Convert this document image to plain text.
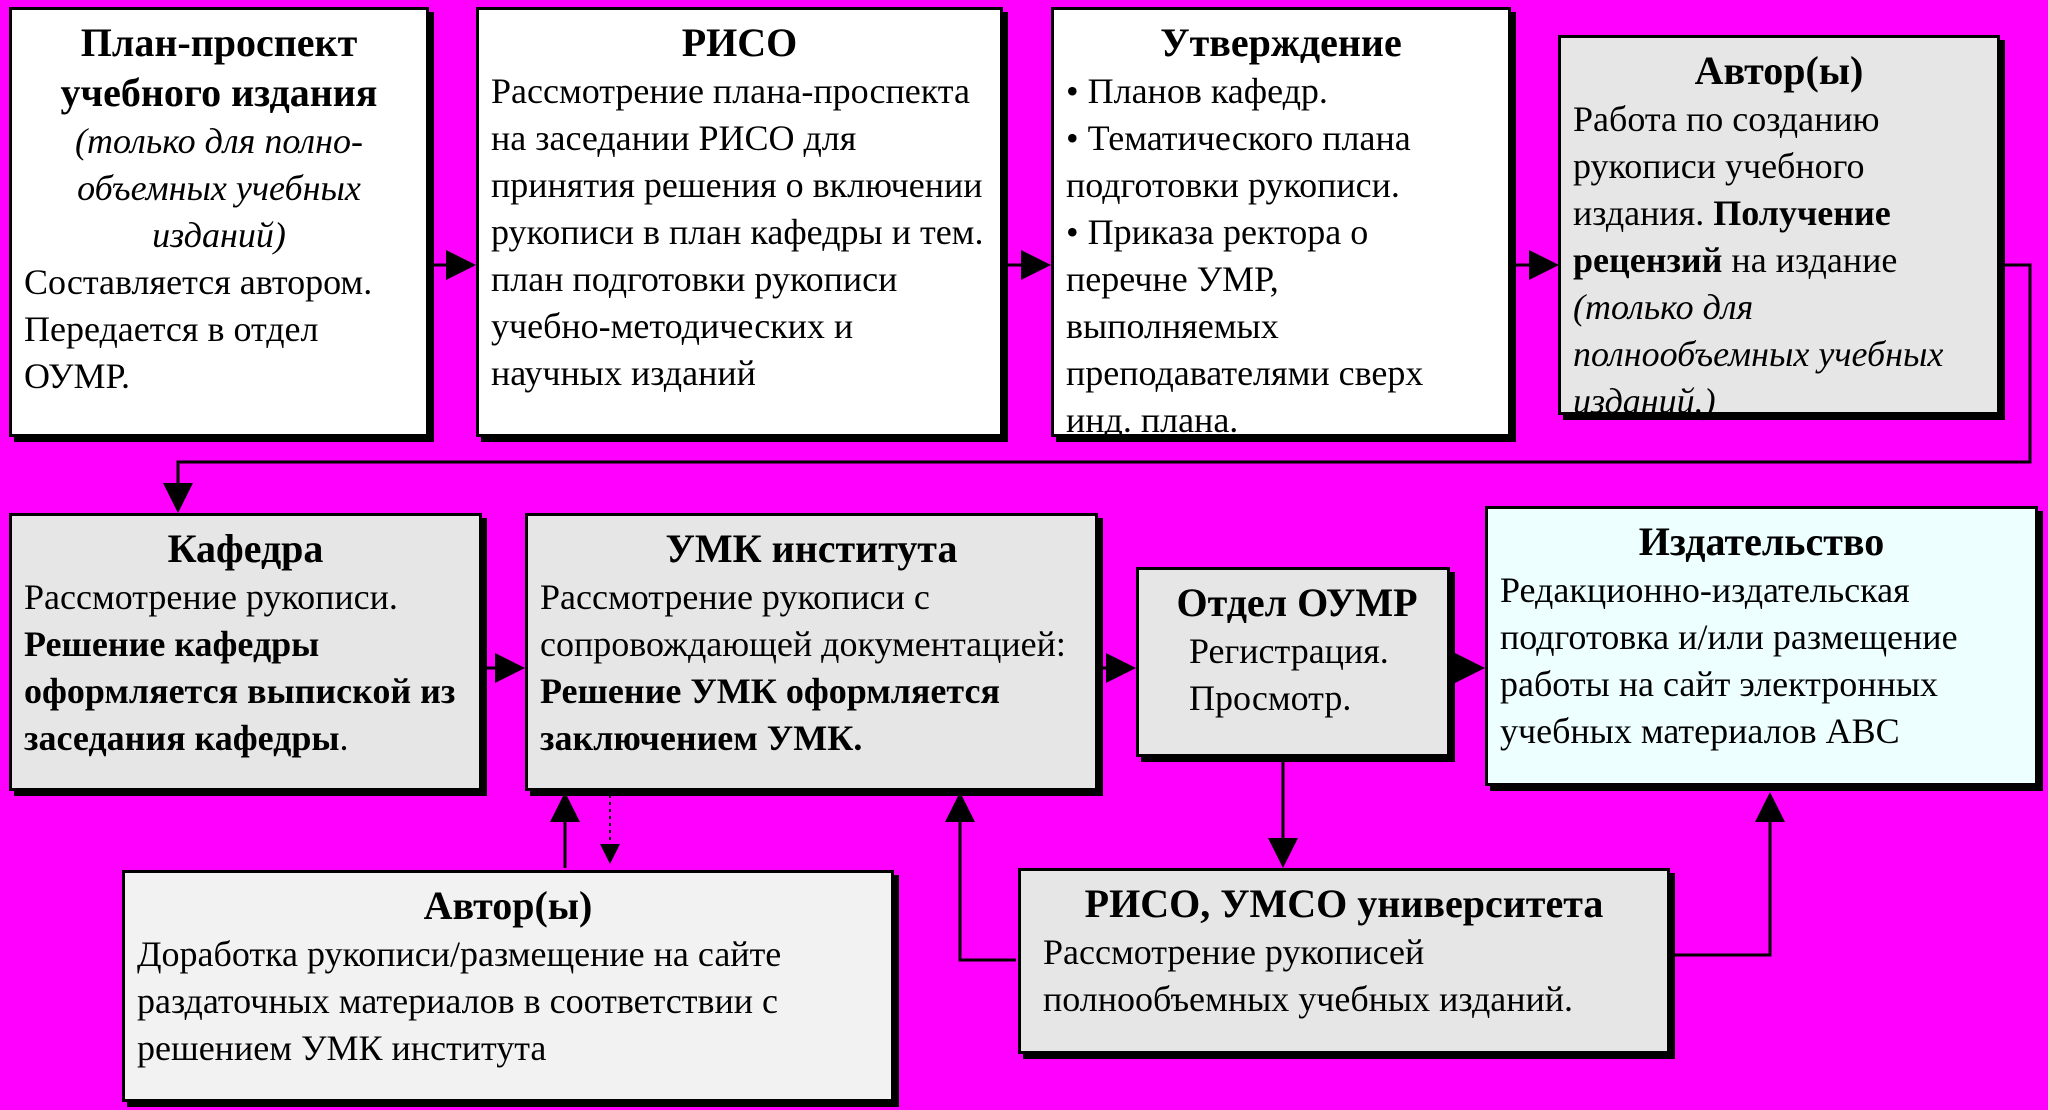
План-проспект
учебного издания
(только для полно-объемных учебных изданий)
Составляется автором. Передается в отдел ОУМР.
РИСО
Рассмотрение плана-проспекта на заседании РИСО для принятия решения о включении рукописи в план кафедры и тем. план подготовки рукописи учебно-методических и научных изданий
Утверждение
• Планов кафедр.
• Тематического плана подготовки рукописи.
• Приказа ректора о перечне УМР, выполняемых преподавателями сверх инд. плана.
Автор(ы)
Работа по созданию рукописи учебного издания. Получение рецензий на издание (только для полнообъемных учебных изданий.)
Кафедра
Рассмотрение рукописи.
Решение кафедры оформляется выпиской из заседания кафедры.
УМК института
Рассмотрение рукописи с сопровождающей документацией:
Решение УМК оформляется заключением УМК.
Отдел ОУМР
Регистрация.
Просмотр.
Издательство
Редакционно-издательская подготовка и/или размещение работы на сайт электронных учебных материалов АВС
Автор(ы)
Доработка рукописи/размещение на сайте раздаточных материалов в соответствии с решением УМК института
РИСО, УМСО университета
Рассмотрение рукописей полнообъемных учебных изданий.
